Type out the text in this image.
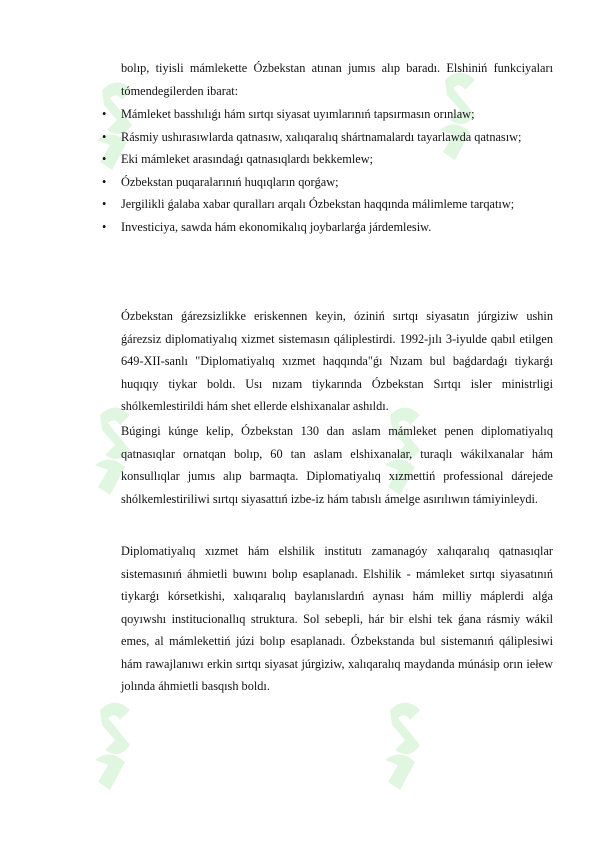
bolıp, tiyisli mámlekette Ózbekstan atınan jumıs alıp baradı. Elshiniń funkciyaları tómendegilerden ibarat:

• Mámleket basshılıǵı hám sırtqı siyasat uyımlarınıń tapsırmasın orınlaw;
• Rásmiy ushırasıwlarda qatnasıw, xalıqaralıq shártnamalardı tayarlawda qatnasıw;
• Eki mámleket arasındaǵı qatnasıqlardı bekkemlew;
• Ózbekstan puqaralarınıń huqıqların qorǵaw;
• Jergilikli ǵalaba xabar quralları arqalı Ózbekstan haqqında málimleme tarqatıw;
• Investiciya, sawda hám ekonomikalıq joybarlarǵa járdemlesiw.

Ózbekstan ǵárezsizlikke eriskennen keyin, óziniń sırtqı siyasatın júrgiziw ushin ǵárezsiz diplomatiyalıq xizmet sistemasın qáliplestirdi. 1992-jılı 3-iyulde qabıl etilgen 649-XII-sanlı "Diplomatiyalıq xızmet haqqında"ǵı Nızam bul baǵdardaǵı tiykarǵı huqıqıy tiykar boldı. Usı nızam tiykarında Ózbekstan Sırtqı isler ministrligi shólkemlestirildi hám shet ellerde elshixanalar ashıldı.

Búgingi kúnge kelip, Ózbekstan 130 dan aslam mámleket penen diplomatiyalıq qatnasıqlar ornatqan bolıp, 60 tan aslam elshixanalar, turaqlı wákilxanalar hám konsullıqlar jumıs alıp barmaqta. Diplomatiyalıq xızmettiń professional dárejede shólkemlestiriliwi sırtqı siyasattıń izbe-iz hám tabıslı ámelge asırılıwın támiyinleydi.

Diplomatiyalıq xızmet hám elshilik institutı zamanagóy xalıqaralıq qatnasıqlar sistemasınıń áhmietli buwını bolıp esaplanadı. Elshilik - mámleket sırtqı siyasatınıń tiykarǵı kórsetkishi, xalıqaralıq baylanıslardıń aynası hám milliy máplerdi alǵa qoyıwshı institucionallıq struktura. Sol sebepli, hár bir elshi tek ǵana rásmiy wákil emes, al mámlekettiń júzi bolıp esaplanadı. Ózbekstanda bul sistemanıń qáliplesiwi hám rawajlanıwı erkin sırtqı siyasat júrgiziw, xalıqaralıq maydanda múnásip orın iełew jolında áhmietli basqısh boldı.
